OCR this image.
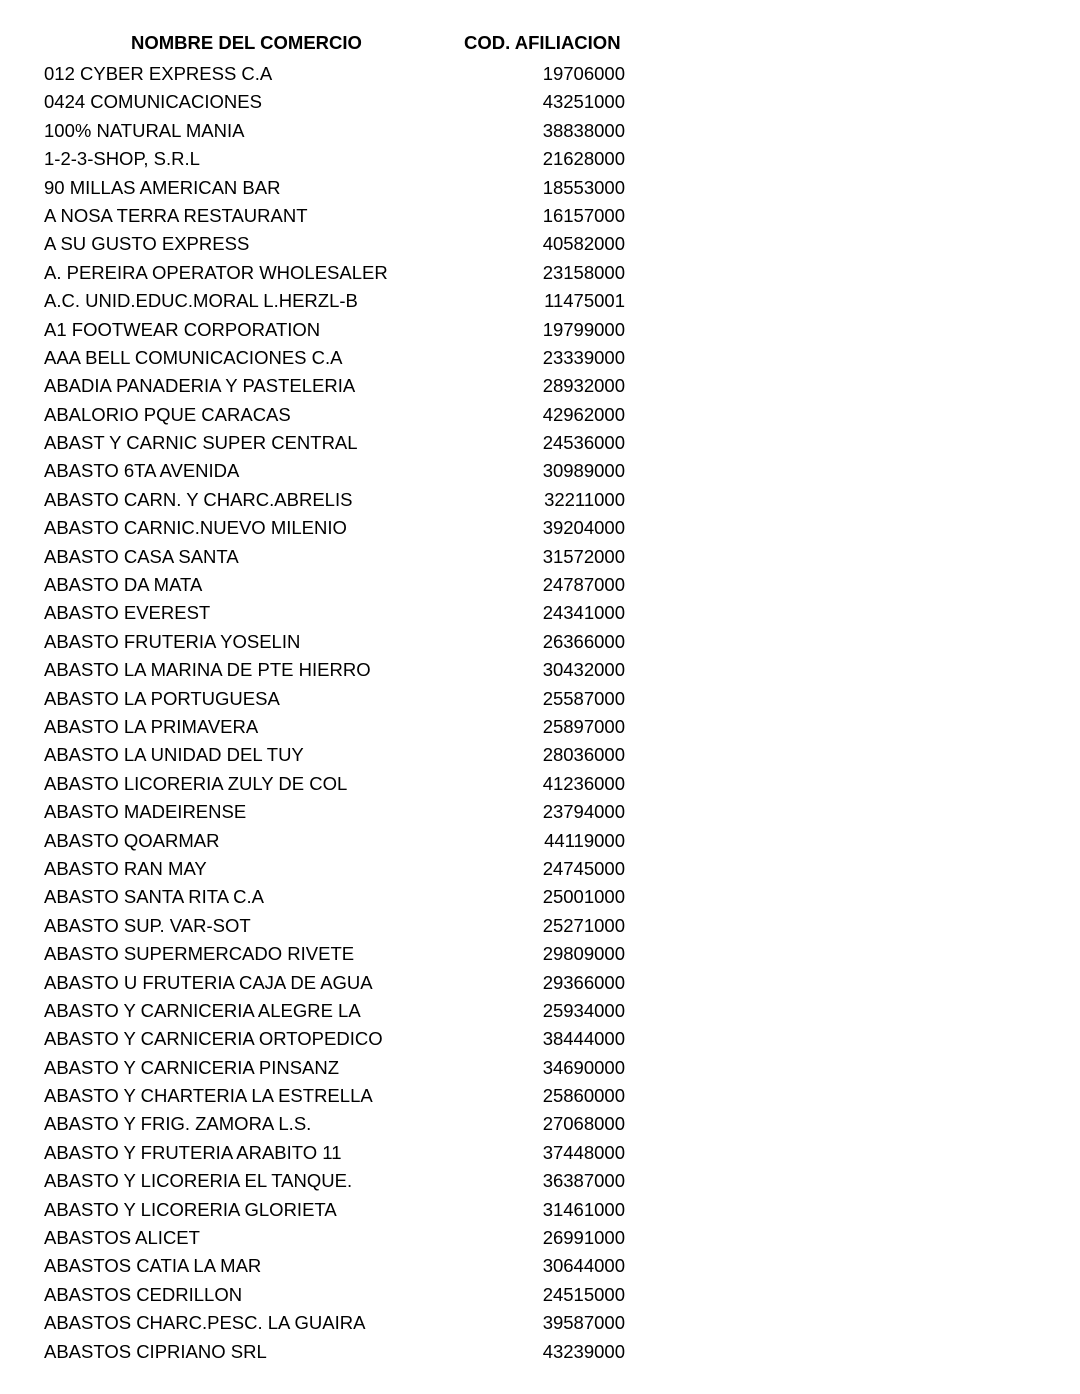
NOMBRE DEL COMERCIO	COD. AFILIACION
012 CYBER EXPRESS C.A	19706000
0424 COMUNICACIONES	43251000
100% NATURAL MANIA	38838000
1-2-3-SHOP, S.R.L	21628000
90 MILLAS AMERICAN BAR	18553000
A NOSA TERRA RESTAURANT	16157000
A SU GUSTO EXPRESS	40582000
A. PEREIRA OPERATOR WHOLESALER	23158000
A.C. UNID.EDUC.MORAL L.HERZL-B	11475001
A1 FOOTWEAR CORPORATION	19799000
AAA BELL COMUNICACIONES C.A	23339000
ABADIA PANADERIA Y PASTELERIA	28932000
ABALORIO PQUE CARACAS	42962000
ABAST Y CARNIC SUPER CENTRAL	24536000
ABASTO 6TA AVENIDA	30989000
ABASTO CARN. Y CHARC.ABRELIS	32211000
ABASTO CARNIC.NUEVO MILENIO	39204000
ABASTO CASA SANTA	31572000
ABASTO DA MATA	24787000
ABASTO EVEREST	24341000
ABASTO FRUTERIA YOSELIN	26366000
ABASTO LA MARINA DE PTE HIERRO	30432000
ABASTO LA PORTUGUESA	25587000
ABASTO LA PRIMAVERA	25897000
ABASTO LA UNIDAD DEL TUY	28036000
ABASTO LICORERIA ZULY DE COL	41236000
ABASTO MADEIRENSE	23794000
ABASTO QOARMAR	44119000
ABASTO RAN MAY	24745000
ABASTO SANTA RITA C.A	25001000
ABASTO SUP. VAR-SOT	25271000
ABASTO SUPERMERCADO RIVETE	29809000
ABASTO U FRUTERIA CAJA DE AGUA	29366000
ABASTO Y CARNICERIA ALEGRE LA	25934000
ABASTO Y CARNICERIA ORTOPEDICO	38444000
ABASTO Y CARNICERIA PINSANZ	34690000
ABASTO Y CHARTERIA LA ESTRELLA	25860000
ABASTO Y FRIG. ZAMORA L.S.	27068000
ABASTO Y FRUTERIA ARABITO 11	37448000
ABASTO Y LICORERIA EL TANQUE.	36387000
ABASTO Y LICORERIA GLORIETA	31461000
ABASTOS ALICET	26991000
ABASTOS CATIA LA MAR	30644000
ABASTOS CEDRILLON	24515000
ABASTOS CHARC.PESC. LA GUAIRA	39587000
ABASTOS CIPRIANO SRL	43239000
